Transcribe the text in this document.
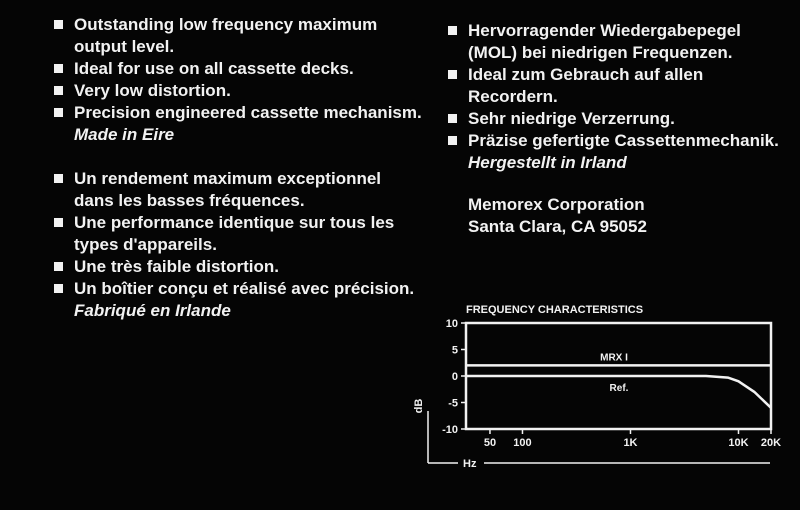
Outstanding low frequency maximum output level.
Ideal for use on all cassette decks.
Very low distortion.
Precision engineered cassette mechanism.
Made in Eire
Un rendement maximum exceptionnel dans les basses fréquences.
Une performance identique sur tous les types d'appareils.
Une très faible distortion.
Un boîtier conçu et réalisé avec précision.
Fabriqué en Irlande
Hervorragender Wiedergabepegel (MOL) bei niedrigen Frequenzen.
Ideal zum Gebrauch auf allen Recordern.
Sehr niedrige Verzerrung.
Präzise gefertigte Cassettenmechanik.
Hergestellt in Irland
Memorex Corporation
Santa Clara, CA 95052
FREQUENCY CHARACTERISTICS
10
5
0
-5
-10
50 100	1K	10K 20K
MRX I
Ref.
dB
Hz
